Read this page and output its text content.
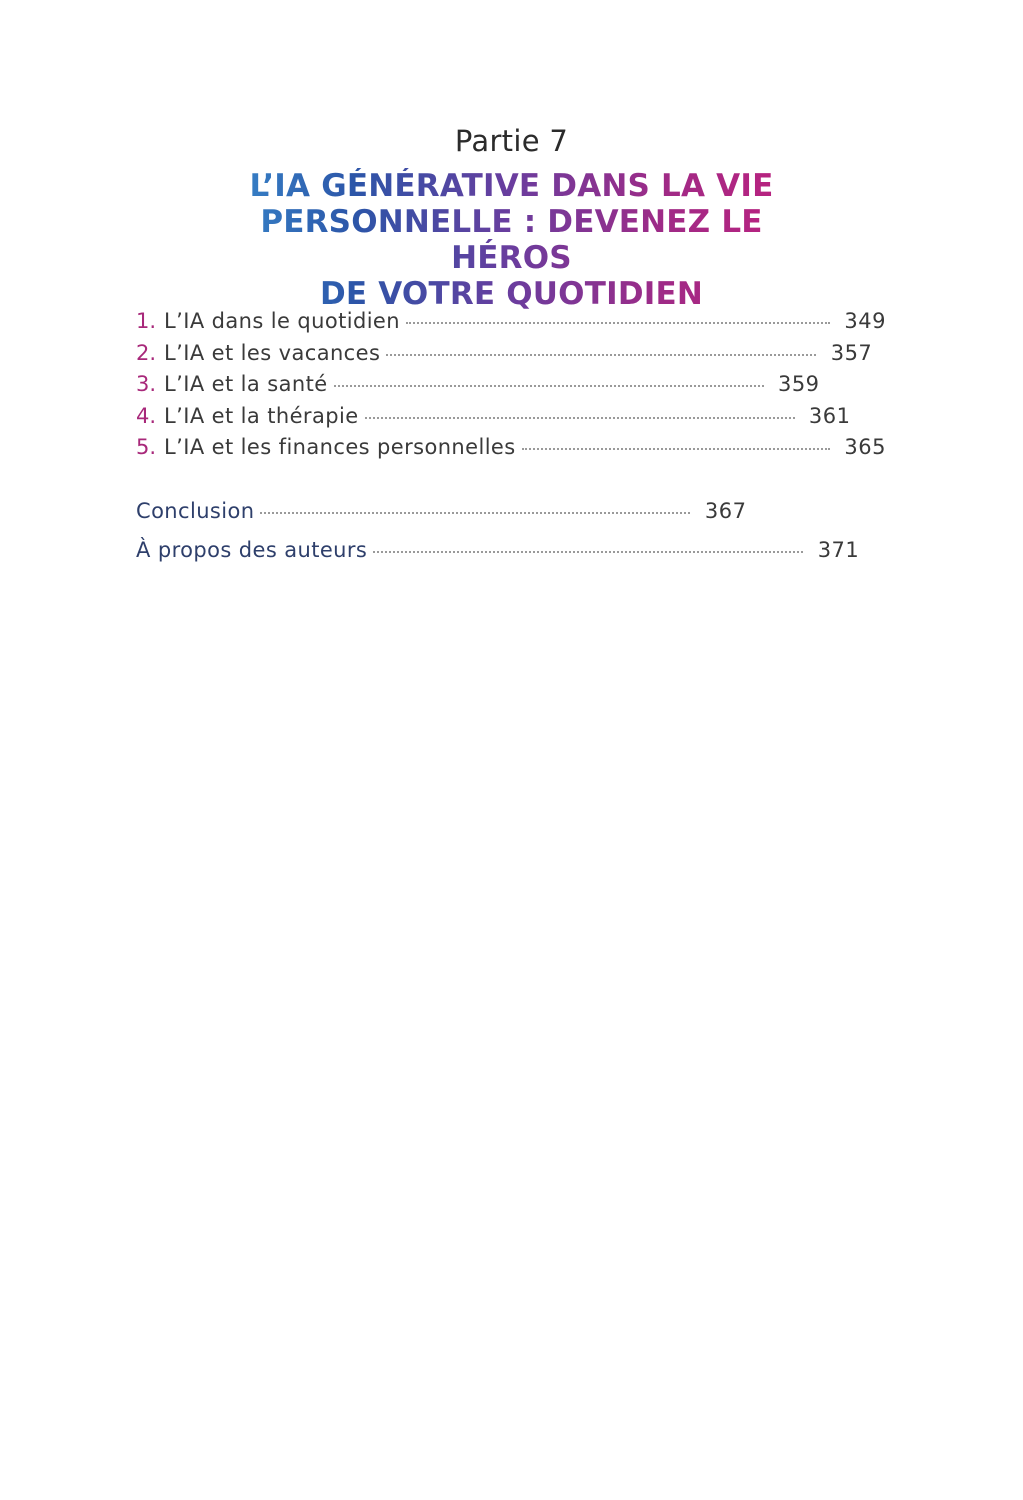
Partie 7
L’IA GÉNÉRATIVE DANS LA VIE
PERSONNELLE : DEVENEZ LE HÉROS
DE VOTRE QUOTIDIEN
1. L’IA dans le quotidien	349
2. L’IA et les vacances	357
3. L’IA et la santé	359
4. L’IA et la thérapie	361
5. L’IA et les finances personnelles	365
Conclusion	367
À propos des auteurs	371
